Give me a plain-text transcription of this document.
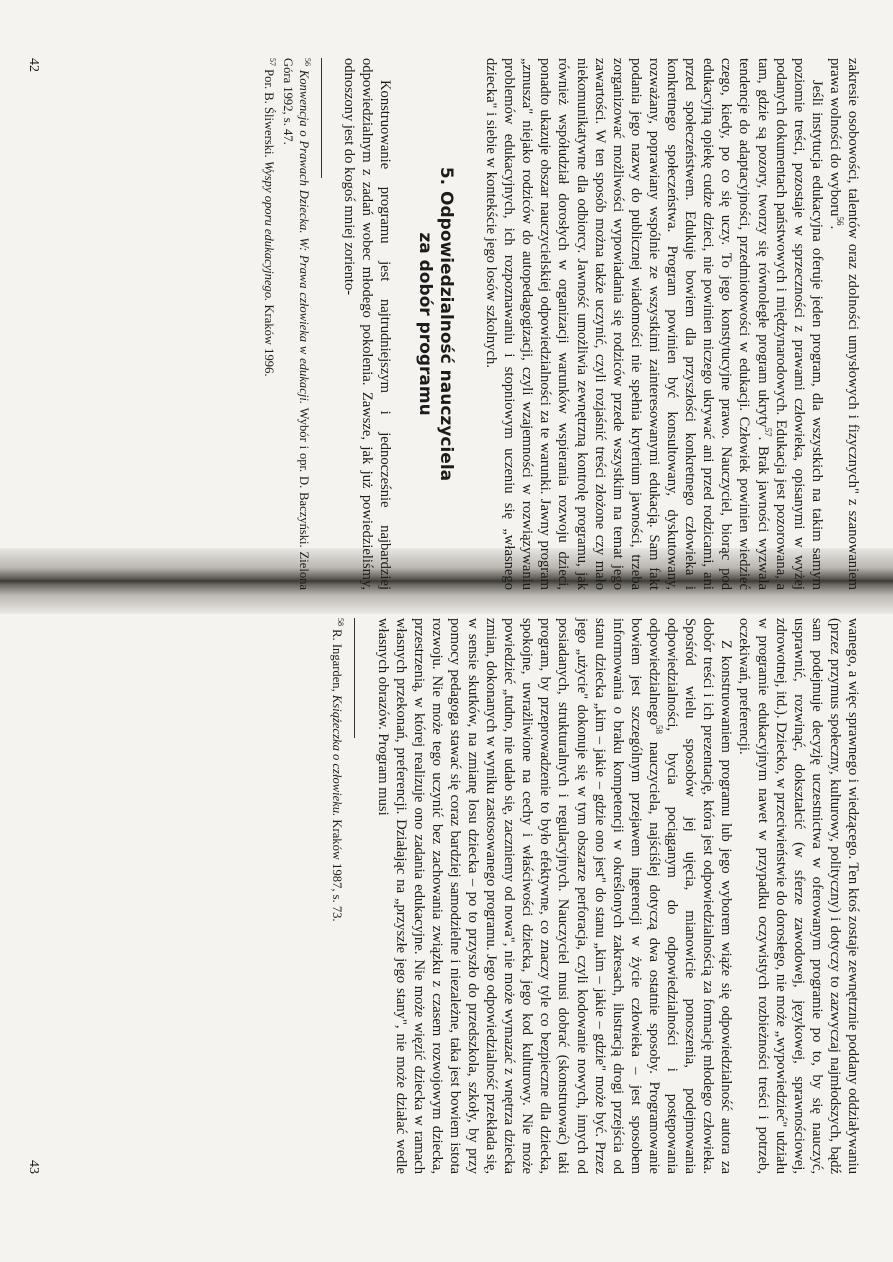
zakresie osobowości, talentów oraz zdolności umysłowych i fizycznych" z szanowaniem prawa wolności do wyboru$^{56}$.

Jeśli instytucja edukacyjna oferuje jeden program, dla wszystkich na takim samym poziomie treści, pozostaje w sprzeczności z prawami człowieka, opisanymi w wyżej podanych dokumentach państwowych i międzynarodowych. Edukacja jest pozorowana, a tam, gdzie są pozory, tworzy się równoległe program ukryty$^{57}$. Brak jawności wyzwala tendencje do adaptacyjności, przedmiotowości w edukacji. Człowiek powinien wiedzieć czego, kiedy, po co się uczy. To jego konstytucyjne prawo. Nauczyciel, biorąc pod edukacyjną opiekę cudze dzieci, nie powinien niczego ukrywać ani przed rodzicami, ani przed społeczeństwem. Edukuje bowiem dla przyszłości konkretnego człowieka i konkretnego społeczeństwa. Program powinien być konsultowany, dyskutowany, rozważany, poprawiany wspólnie ze wszystkimi zainteresowanymi edukacją. Sam fakt podania jego nazwy do publicznej wiadomości nie spełnia kryterium jawności, trzeba zorganizować możliwości wypowiadania się rodziców przede wszystkim na temat jego zawartości. W ten sposób można także uczynić, czyli rozjaśnić treści złożone czy mało niekomunikatywne dla odbiorcy. Jawność umożliwia zewnętrzną kontrolę programu, jak również współudział dorosłych w organizacji warunków wspierania rozwoju dzieci, ponadto ukazuje obszar nauczycielskiej odpowiedzialności za te warunki. Jawny program „zmusza" niejako rodziców do autopedagogizacji, czyli wzajemności w rozwiązywaniu problemów edukacyjnych, ich rozpoznawaniu i stopniowym uczeniu się „własnego dziecka" i siebie w kontekście jego losów szkolnych.

5. Odpowiedzialność nauczyciela
za dobór programu

Konstruowanie programu jest najtrudniejszym i jednocześnie najbardziej odpowiedzialnym z zadań wobec młodego pokolenia. Zawsze, jak już powiedzieliśmy, odnoszony jest do kogoś mniej zoriento-

$^{56}$ Konwencja o Prawach Dziecka. W: Prawa człowieka w edukacji. Wybór i opr. D. Baczyński. Zielona Góra 1992, s. 47.

$^{57}$ Por. B. Śliwerski. Wyspy oporu edukacyjnego. Kraków 1996.

42

wanego, a więc sprawnego i wiedzącego. Ten ktoś zostaje zewnętrznie poddany oddziaływaniu (przez przymus społeczny, kulturowy, polityczny) i dotyczy to zazwyczaj najmłodszych, bądź sam podejmuje decyzję uczestnictwa w oferowanym programie po to, by się nauczyć, usprawnić, rozwinąć, dokształcić (w sferze zawodowej, językowej, sprawnościowej, zdrowotnej, itd.). Dziecko, w przeciwieństwie do dorosłego, nie może „wypowiedzieć" udziału w programie edukacyjnym nawet w przypadku oczywistych rozbieżności treści i potrzeb, oczekiwań, preferencji.

Z konstruowaniem programu lub jego wyborem wiąże się odpowiedzialność autora za dobór treści i ich prezentację, która jest odpowiedzialnością za formację młodego człowieka. Spośród wielu sposobów jej ujęcia, mianowicie ponoszenia, podejmowania odpowiedzialności, bycia pociąganym do odpowiedzialności i postępowania odpowiedzialnego$^{58}$ nauczyciela, najściślej dotyczą dwa ostatnie sposoby. Programowanie bowiem jest szczególnym przejawem ingerencji w życie człowieka – jest sposobem informowania o braku kompetencji w określonych zakresach, ilustracją drogi przejścia od stanu dziecka „kim – jakie – gdzie ono jest" do stanu „kim – jakie – gdzie" może być. Przez jego „użycie" dokonuje się w tym obszarze perforacja, czyli kodowanie nowych, innych od posiadanych, strukturalnych i regulacyjnych. Nauczyciel musi dobrać (skonstruować) taki program, by przeprowadzenie to było efektywne, co znaczy tyle co bezpieczne dla dziecka, spokojne, uwrażliwione na cechy i właściwości dziecka, jego kod kulturowy. Nie może powiedzieć „tudno, nie udało się, zaczniemy od nowa", nie może wymazać z wnętrza dziecka zmian, dokonanych w wyniku zastosowanego programu. Jego odpowiedzialność przekłada się, w sensie skutków, na zmianę losu dziecka – po to przyszło do przedszkola, szkoły, by przy pomocy pedagoga stawać się coraz bardziej samodzielne i niezależne, taka jest bowiem istota rozwoju. Nie może tego uczynić bez zachowania związku z czasem rozwojowym dziecka, przestrzenią, w której realizuje ono zadania edukacyjne. Nie może więzić dziecka w ramach własnych przekonań, preferencji. Działając na „przyszłe jego stany", nie może działać wedle własnych obrazów. Program musi

$^{58}$ R. Ingarden, Książeczka o człowieku. Kraków 1987, s. 73.

43
